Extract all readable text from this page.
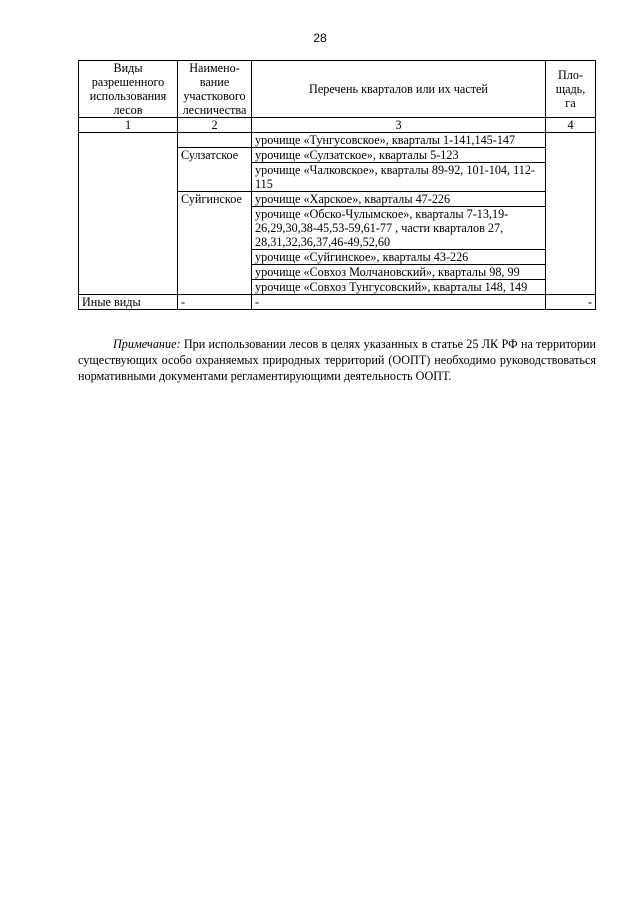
28
Виды разрешенного использования лесов	Наимено-вание участкового лесничества	Перечень кварталов или их частей	Пло-щадь, га
1	2	3	4
		урочище «Тунгусовское», кварталы 1-141,145-147	
	Сулзатское	урочище «Сулзатское», кварталы 5-123	
		урочище «Чалковское», кварталы 89-92, 101-104, 112-115	
	Суйгинское	урочище «Харское», кварталы 47-226	
		урочище «Обско-Чулымское», кварталы 7-13,19-26,29,30,38-45,53-59,61-77 , части кварталов 27, 28,31,32,36,37,46-49,52,60	
		урочище «Суйгинское», кварталы 43-226	
		урочище «Совхоз Молчановский», кварталы 98, 99	
		урочище «Совхоз Тунгусовский», кварталы 148, 149	
Иные виды	-	-	-

Примечание: При использовании лесов в целях указанных в статье 25 ЛК РФ на территории существующих особо охраняемых природных территорий (ООПТ) необходимо руководствоваться нормативными документами регламентирующими деятельность ООПТ.
